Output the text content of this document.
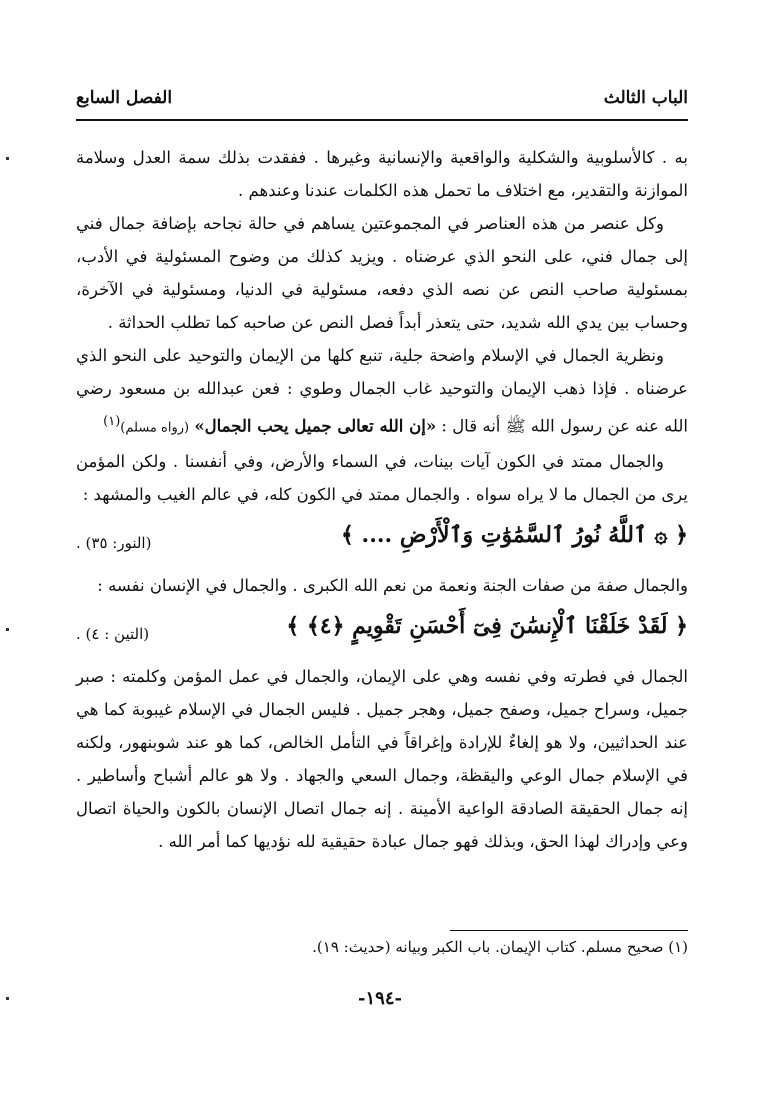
الباب الثالث
الفصل السابع

به . كالأسلوبية والشكلية والواقعية والإنسانية وغيرها . ففقدت بذلك سمة العدل وسلامة الموازنة والتقدير، مع اختلاف ما تحمل هذه الكلمات عندنا وعندهم .

وكل عنصر من هذه العناصر في المجموعتين يساهم في حالة نجاحه بإضافة جمال فني إلى جمال فني، على النحو الذي عرضناه . ويزيد كذلك من وضوح المسئولية في الأدب، بمسئولية صاحب النص عن نصه الذي دفعه، مسئولية في الدنيا، ومسئولية في الآخرة، وحساب بين يدي الله شديد، حتى يتعذر أبداً فصل النص عن صاحبه كما تطلب الحداثة .

ونظرية الجمال في الإسلام واضحة جلية، تنبع كلها من الإيمان والتوحيد على النحو الذي عرضناه . فإذا ذهب الإيمان والتوحيد غاب الجمال وطوي : فعن عبدالله بن مسعود رضي الله عنه عن رسول الله ﷺ أنه قال : «إن الله تعالى جميل يحب الجمال» (رواه مسلم)$^{(١)}$

والجمال ممتد في الكون آيات بينات، في السماء والأرض، وفي أنفسنا . ولكن المؤمن يرى من الجمال ما لا يراه سواه . والجمال ممتد في الكون كله، في عالم الغيب والمشهد :

﴿ ۞ ٱللَّهُ نُورُ ٱلسَّمَٰوَٰتِ وَٱلْأَرْضِ .... ﴾
(النور: ٣٥) .

والجمال صفة من صفات الجنة ونعمة من نعم الله الكبرى . والجمال في الإنسان نفسه :

﴿ لَقَدْ خَلَقْنَا ٱلْإِنسَٰنَ فِىٓ أَحْسَنِ تَقْوِيمٍ ﴿٤﴾ ﴾
(التين : ٤) .

الجمال في فطرته وفي نفسه وهي على الإيمان، والجمال في عمل المؤمن وكلمته : صبر جميل، وسراح جميل، وصفح جميل، وهجر جميل . فليس الجمال في الإسلام غيبوبة كما هي عند الحداثيين، ولا هو إلغاءٌ للإرادة وإغراقاً في التأمل الخالص، كما هو عند شوبنهور، ولكنه في الإسلام جمال الوعي واليقظة، وجمال السعي والجهاد . ولا هو عالم أشباح وأساطير . إنه جمال الحقيقة الصادقة الواعية الأمينة . إنه جمال اتصال الإنسان بالكون والحياة اتصال وعي وإدراك لهذا الحق، وبذلك فهو جمال عبادة حقيقية لله نؤديها كما أمر الله .

(١) صحيح مسلم. كتاب الإيمان. باب الكبر وبيانه (حديث: ١٩).
-١٩٤-
